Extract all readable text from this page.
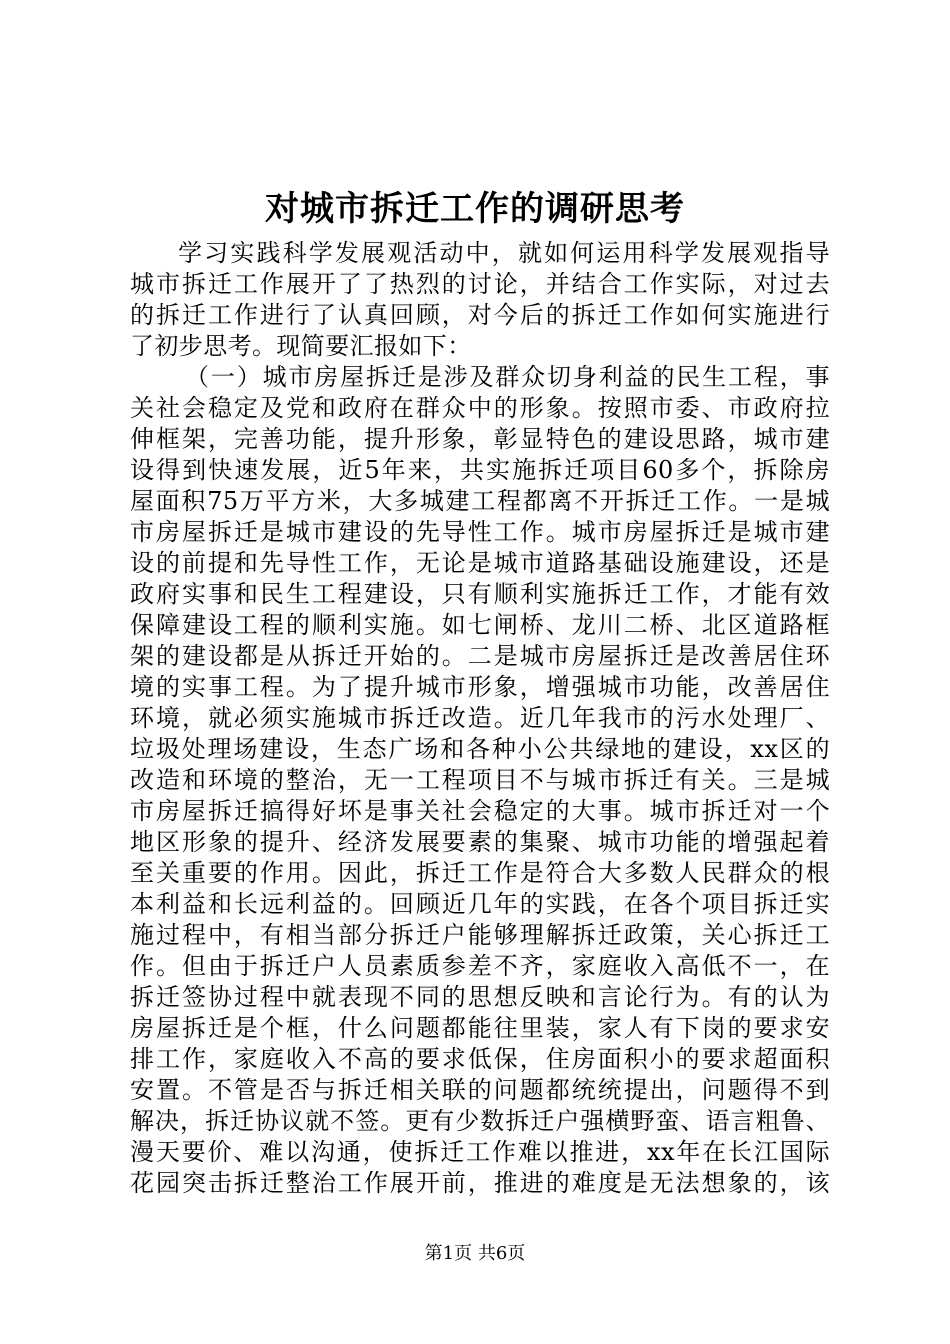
对城市拆迁工作的调研思考
学习实践科学发展观活动中，就如何运用科学发展观指导
城市拆迁工作展开了了热烈的讨论，并结合工作实际，对过去
的拆迁工作进行了认真回顾，对今后的拆迁工作如何实施进行
了初步思考。现简要汇报如下：
（一）城市房屋拆迁是涉及群众切身利益的民生工程，事
关社会稳定及党和政府在群众中的形象。按照市委、市政府拉
伸框架，完善功能，提升形象，彰显特色的建设思路，城市建
设得到快速发展，近5年来，共实施拆迁项目60多个，拆除房
屋面积75万平方米，大多城建工程都离不开拆迁工作。一是城
市房屋拆迁是城市建设的先导性工作。城市房屋拆迁是城市建
设的前提和先导性工作，无论是城市道路基础设施建设，还是
政府实事和民生工程建设，只有顺利实施拆迁工作，才能有效
保障建设工程的顺利实施。如七闸桥、龙川二桥、北区道路框
架的建设都是从拆迁开始的。二是城市房屋拆迁是改善居住环
境的实事工程。为了提升城市形象，增强城市功能，改善居住
环境，就必须实施城市拆迁改造。近几年我市的污水处理厂、
垃圾处理场建设，生态广场和各种小公共绿地的建设，xx区的
改造和环境的整治，无一工程项目不与城市拆迁有关。三是城
市房屋拆迁搞得好坏是事关社会稳定的大事。城市拆迁对一个
地区形象的提升、经济发展要素的集聚、城市功能的增强起着
至关重要的作用。因此，拆迁工作是符合大多数人民群众的根
本利益和长远利益的。回顾近几年的实践，在各个项目拆迁实
施过程中，有相当部分拆迁户能够理解拆迁政策，关心拆迁工
作。但由于拆迁户人员素质参差不齐，家庭收入高低不一，在
拆迁签协过程中就表现不同的思想反映和言论行为。有的认为
房屋拆迁是个框，什么问题都能往里装，家人有下岗的要求安
排工作，家庭收入不高的要求低保，住房面积小的要求超面积
安置。不管是否与拆迁相关联的问题都统统提出，问题得不到
解决，拆迁协议就不签。更有少数拆迁户强横野蛮、语言粗鲁、
漫天要价、难以沟通，使拆迁工作难以推进，xx年在长江国际
花园突击拆迁整治工作展开前，推进的难度是无法想象的，该
第1页 共6页
